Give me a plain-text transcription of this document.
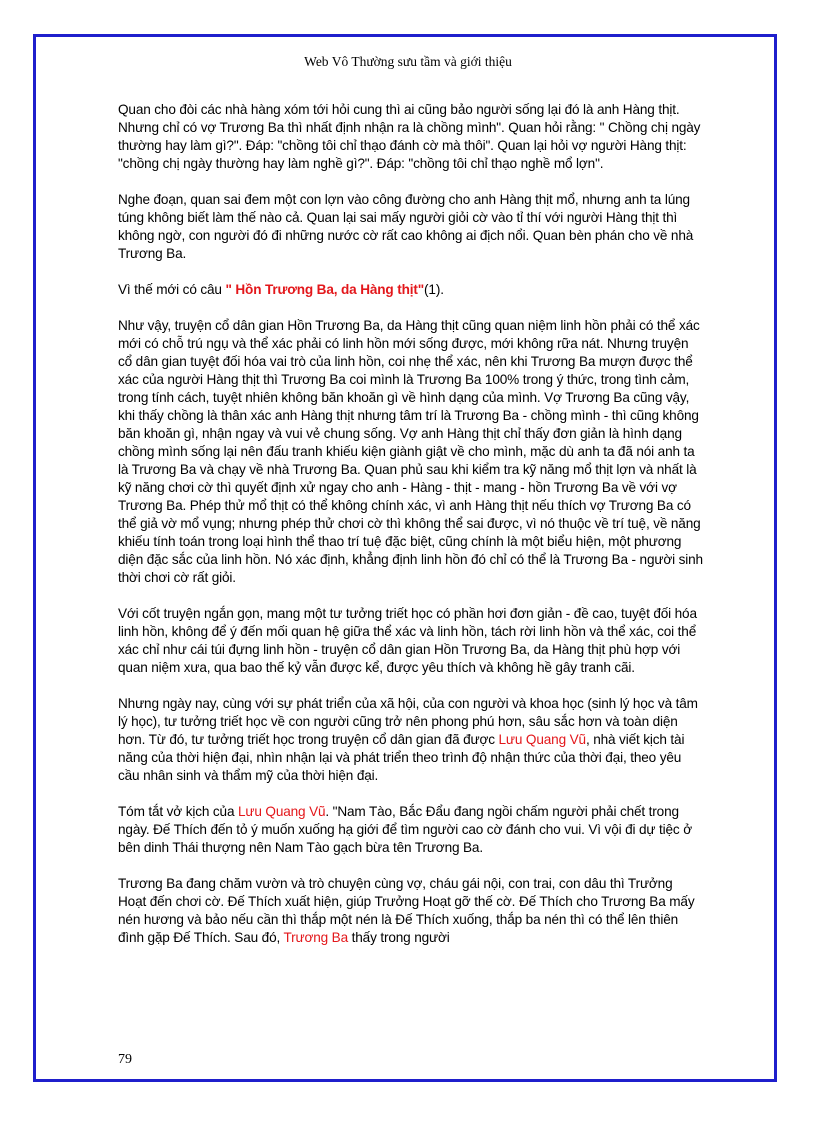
Web Vô Thường sưu tầm và giới thiệu

Quan cho đòi các nhà hàng xóm tới hỏi cung thì ai cũng bảo người sống lại đó là anh Hàng thịt. Nhưng chỉ có vợ Trương Ba thì nhất định nhận ra là chồng mình". Quan hỏi rằng: " Chồng chị ngày thường hay làm gì?". Đáp: "chồng tôi chỉ thạo đánh cờ mà thôi". Quan lại hỏi vợ người Hàng thịt: "chồng chị ngày thường hay làm nghề gì?". Đáp: "chồng tôi chỉ thạo nghề mổ lợn".

Nghe đoạn, quan sai đem một con lợn vào công đường cho anh Hàng thịt mổ, nhưng anh ta lúng túng không biết làm thế nào cả. Quan lại sai mấy người giỏi cờ vào tỉ thí với người Hàng thịt thì không ngờ, con người đó đi những nước cờ rất cao không ai địch nổi. Quan bèn phán cho về nhà Trương Ba.

Vì thế mới có câu " Hồn Trương Ba, da Hàng thịt"(1).

Như vậy, truyện cổ dân gian Hồn Trương Ba, da Hàng thịt cũng quan niệm linh hồn phải có thể xác mới có chỗ trú ngụ và thể xác phải có linh hồn mới sống được, mới không rữa nát. Nhưng truyện cổ dân gian tuyệt đối hóa vai trò của linh hồn, coi nhẹ thể xác, nên khi Trương Ba mượn được thể xác của người Hàng thịt thì Trương Ba coi mình là Trương Ba 100% trong ý thức, trong tình cảm, trong tính cách, tuyệt nhiên không băn khoăn gì về hình dạng của mình. Vợ Trương Ba cũng vậy, khi thấy chồng là thân xác anh Hàng thịt nhưng tâm trí là Trương Ba - chồng mình - thì cũng không băn khoăn gì, nhận ngay và vui vẻ chung sống. Vợ anh Hàng thịt chỉ thấy đơn giản là hình dạng chồng mình sống lại nên đấu tranh khiếu kiện giành giật về cho mình, mặc dù anh ta đã nói anh ta là Trương Ba và chạy về nhà Trương Ba. Quan phủ sau khi kiểm tra kỹ năng mổ thịt lợn và nhất là kỹ năng chơi cờ thì quyết định xử ngay cho anh - Hàng - thịt - mang - hồn Trương Ba về với vợ Trương Ba. Phép thử mổ thịt có thể không chính xác, vì anh Hàng thịt nếu thích vợ Trương Ba có thể giả vờ mổ vụng; nhưng phép thử chơi cờ thì không thể sai được, vì nó thuộc về trí tuệ, về năng khiếu tính toán trong loại hình thể thao trí tuệ đặc biệt, cũng chính là một biểu hiện, một phương diện đặc sắc của linh hồn. Nó xác định, khẳng định linh hồn đó chỉ có thể là Trương Ba - người sinh thời chơi cờ rất giỏi.

Với cốt truyện ngắn gọn, mang một tư tưởng triết học có phần hơi đơn giản - đề cao, tuyệt đối hóa linh hồn, không để ý đến mối quan hệ giữa thể xác và linh hồn, tách rời linh hồn và thể xác, coi thể xác chỉ như cái túi đựng linh hồn - truyện cổ dân gian Hồn Trương Ba, da Hàng thịt phù hợp với quan niệm xưa, qua bao thế kỷ vẫn được kể, được yêu thích và không hề gây tranh cãi.

Nhưng ngày nay, cùng với sự phát triển của xã hội, của con người và khoa học (sinh lý học và tâm lý học), tư tưởng triết học về con người cũng trở nên phong phú hơn, sâu sắc hơn và toàn diện hơn. Từ đó, tư tưởng triết học trong truyện cổ dân gian đã được Lưu Quang Vũ, nhà viết kịch tài năng của thời hiện đại, nhìn nhận lại và phát triển theo trình độ nhận thức của thời đại, theo yêu cầu nhân sinh và thẩm mỹ của thời hiện đại.

Tóm tắt vở kịch của Lưu Quang Vũ. "Nam Tào, Bắc Đẩu đang ngồi chấm người phải chết trong ngày. Đế Thích đến tỏ ý muốn xuống hạ giới để tìm người cao cờ đánh cho vui. Vì vội đi dự tiệc ở bên dinh Thái thượng nên Nam Tào gạch bừa tên Trương Ba.

Trương Ba đang chăm vườn và trò chuyện cùng vợ, cháu gái nội, con trai, con dâu thì Trưởng Hoạt đến chơi cờ. Đế Thích xuất hiện, giúp Trưởng Hoạt gỡ thế cờ. Đế Thích cho Trương Ba mấy nén hương và bảo nếu cần thì thắp một nén là Đế Thích xuống, thắp ba nén thì có thể lên thiên đình gặp Đế Thích. Sau đó, Trương Ba thấy trong người

79
